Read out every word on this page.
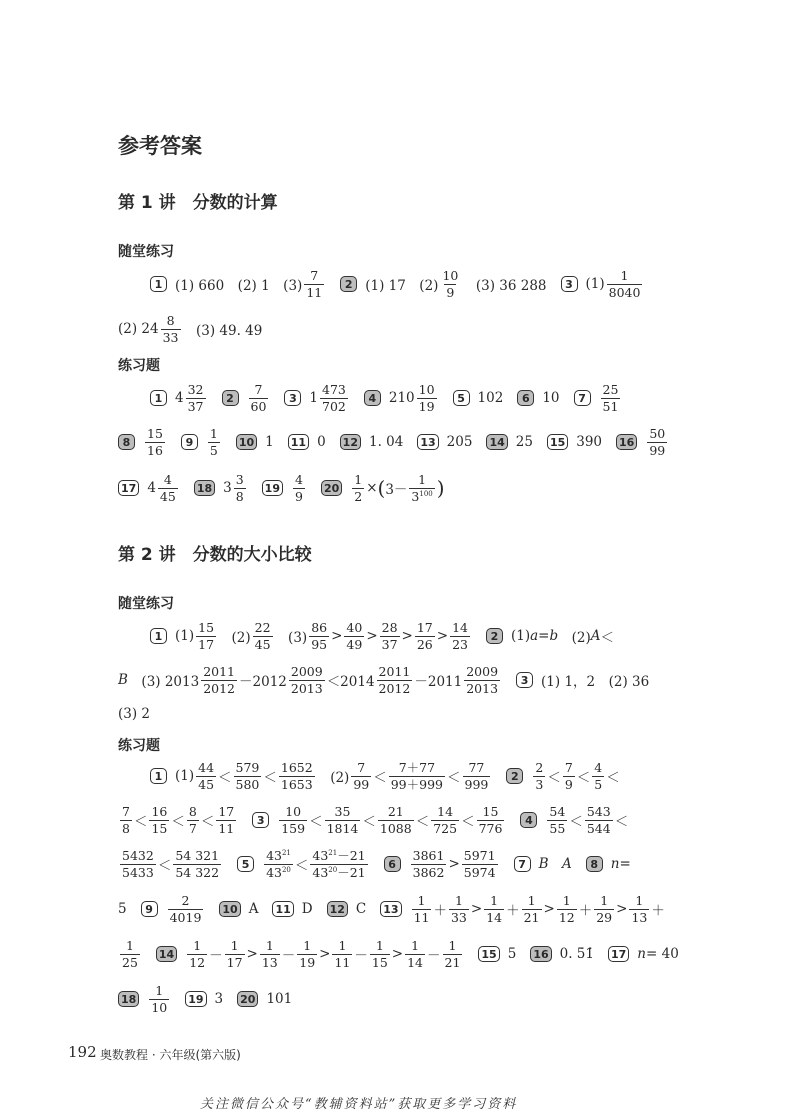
参考答案
第 1 讲　分数的计算
随堂练习
1 (1) 660　(2) 1　(3)
7
11
2 (1) 17　(2)
10
9 　(3) 36 288	3 (1)
1
8040
(2) 24
8
33 　(3) 49. 49
练习题
1 4
32
37
2
7
60
3 1
473
702
4 210
10
19
5 102	6 10	7
25
51
8
15
16
9
1
5
10 1 11 0 12 1. 04 13 205 14 25 15 390 16
50
99
17 4
4
45
18 3
3
8
19
4
9
20
1
2 × ( 3－
1
$3^{100}$ )
第 2 讲　分数的大小比较
随堂练习
1 (1)
15
17 　(2)
22
45 　(3)
86
95 >
40
49 >
28
37 >
17
26 >
14
23
2 (1) a = b 　(2) A ＜
B 　(3) 2013
2011
2012 －2012
2009
2013 ＜2014
2011
2012 －2011
2009
2013
3 (1) 1，2　(2) 36
(3) 2
练习题
1 (1)
44
45 ＜
579
580 ＜
1652
1653 　(2)
7
99 ＜
7＋77
99＋999 ＜
77
999
2
2
3 ＜
7
9 ＜
4
5 ＜
7
8 ＜
16
15 ＜
8
7 ＜
17
11
3
10
159 ＜
35
1814 ＜
21
1088 ＜
14
725 ＜
15
776
4
54
55 ＜
543
544 ＜
5432
5433 ＜
54 321
54 322
5
$43^{21}$
$43^{20}$ ＜
$43^{21}-21$
$43^{20}-21$
6
3861
3862 >
5971
5974
7 B
　 A	8 n =
5	9
2
4019
10 A 11 D 12 C 13
1
11 ＋
1
33 >
1
14 ＋
1
21 >
1
12 ＋
1
29 >
1
13 ＋
1
25
14
1
12 －
1
17 >
1
13 －
1
19 >
1
11 －
1
15 >
1
14 －
1
21
15 5 16 0. 5̇1̇ 17 n = 40
18
1
10
19 3 20 101
192 奥数教程 · 六年级(第六版)
关注微信公众号“教辅资料站”获取更多学习资料
